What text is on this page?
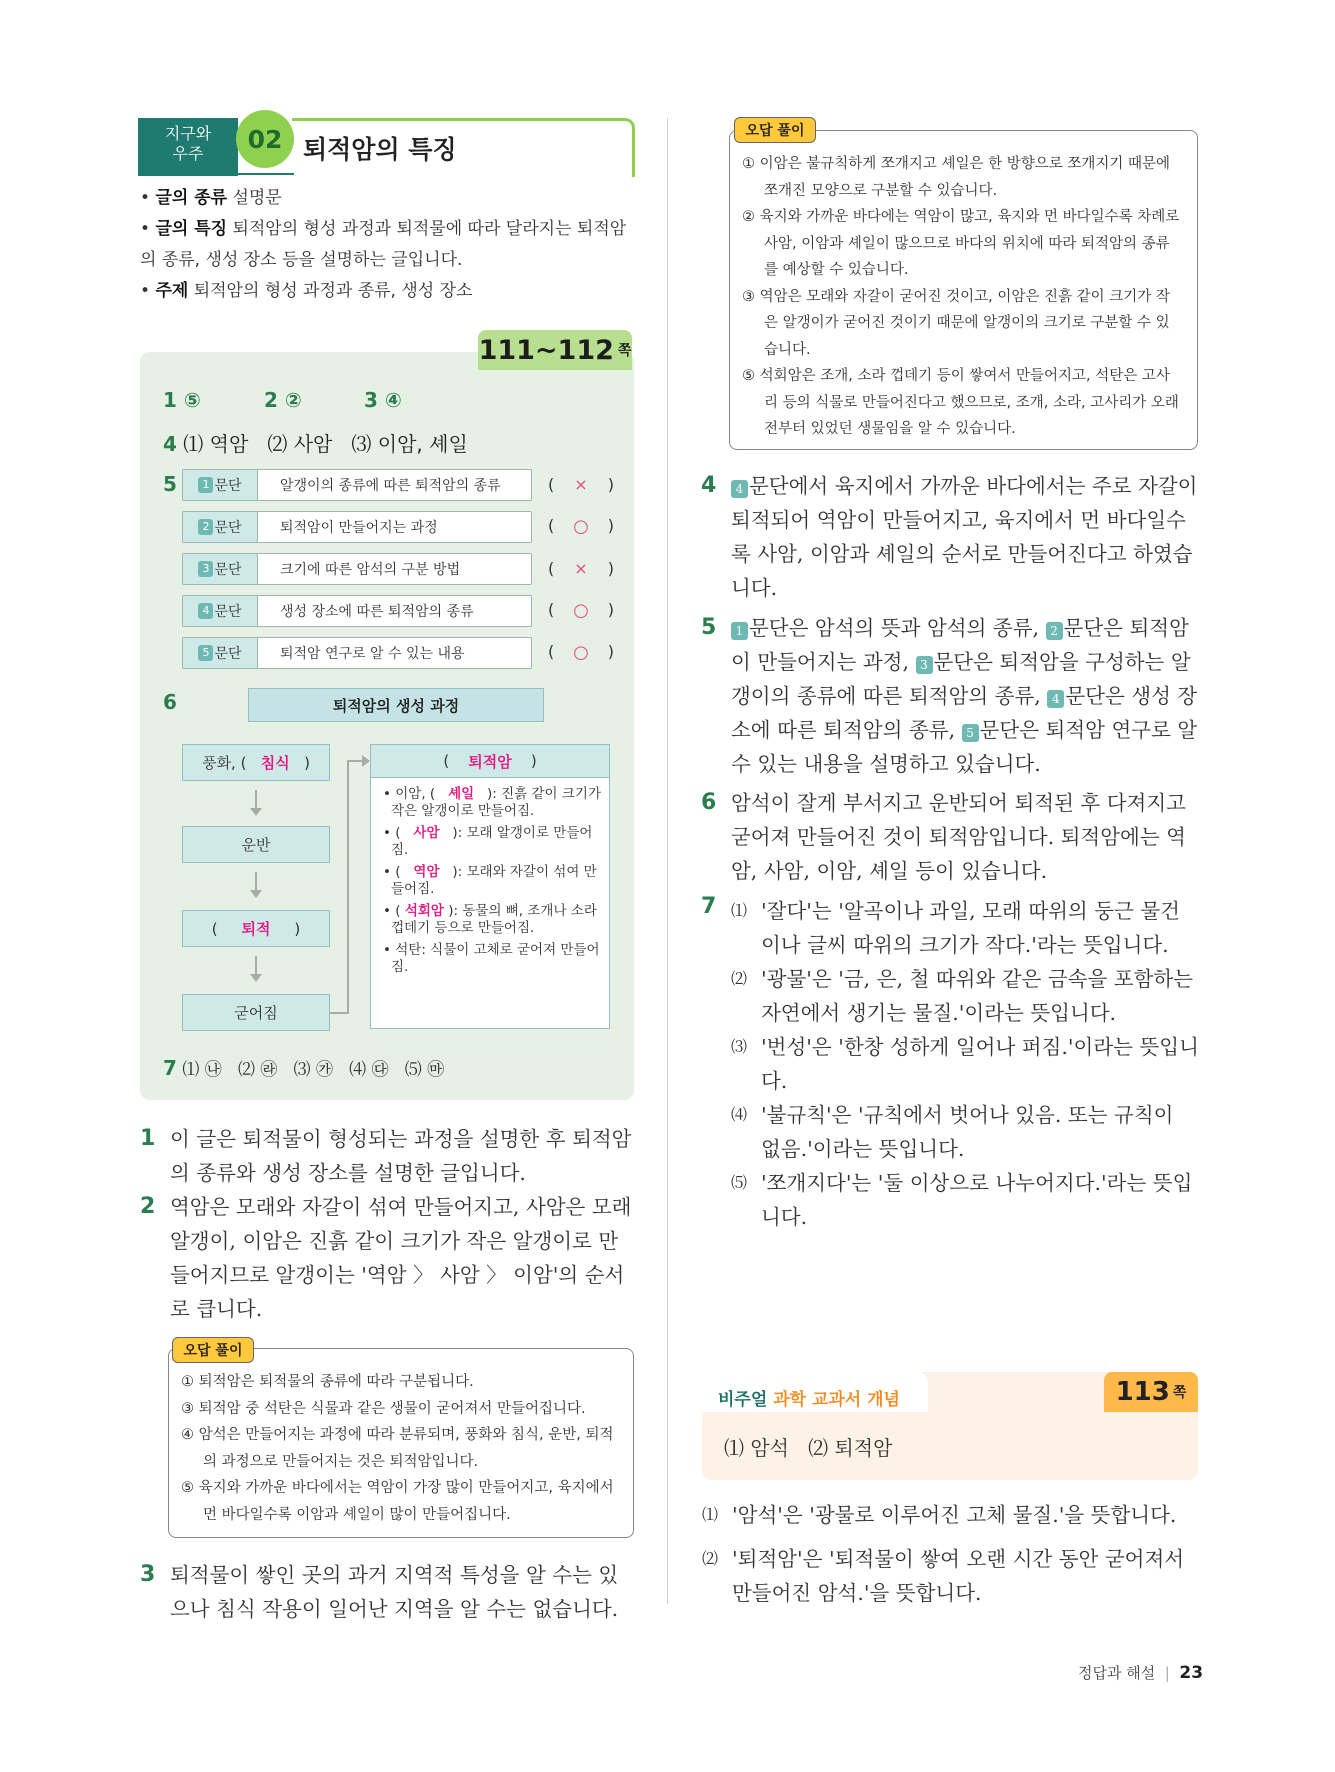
지구와
우주	02 퇴적암의 특징
• 글의 종류 설명문
• 글의 특징 퇴적암의 형성 과정과 퇴적물에 따라 달라지는 퇴적암의 종류, 생성 장소 등을 설명하는 글입니다.
• 주제 퇴적암의 형성 과정과 종류, 생성 장소
111~112 쪽
1 ⑤	2 ②	3 ④
4 ⑴ 역암   ⑵ 사암   ⑶ 이암, 셰일
5	1 문단	알갱이의 종류에 따른 퇴적암의 종류	( × )
2 문단	퇴적암이 만들어지는 과정	( ○ )
3 문단	크기에 따른 암석의 구분 방법	( × )
4 문단	생성 장소에 따른 퇴적암의 종류	( ○ )
5 문단	퇴적암 연구로 알 수 있는 내용	( ○ )
6	퇴적암의 생성 과정
풍화, (
침식
)
운반
(
퇴적
)
굳어짐
(
퇴적암
)
• 이암, ( 셰일 ): 진흙 같이 크기가 작은 알갱이로 만들어짐.
• ( 사암 ): 모래 알갱이로 만들어짐.
• ( 역암 ): 모래와 자갈이 섞여 만들어짐.
• ( 석회암 ): 동물의 뼈, 조개나 소라 껍데기 등으로 만들어짐.
• 석탄: 식물이 고체로 굳어져 만들어짐.
7 ⑴ ㉯   ⑵ ㉱   ⑶ ㉮   ⑷ ㉰   ⑸ ㉲
1 이 글은 퇴적물이 형성되는 과정을 설명한 후 퇴적암의 종류와 생성 장소를 설명한 글입니다.
2 역암은 모래와 자갈이 섞여 만들어지고, 사암은 모래 알갱이, 이암은 진흙 같이 크기가 작은 알갱이로 만들어지므로 알갱이는 '역암 〉 사암 〉 이암'의 순서로 큽니다.
① 퇴적암은 퇴적물의 종류에 따라 구분됩니다.
③ 퇴적암 중 석탄은 식물과 같은 생물이 굳어져서 만들어집니다.
④ 암석은 만들어지는 과정에 따라 분류되며, 풍화와 침식, 운반, 퇴적의 과정으로 만들어지는 것은 퇴적암입니다.
⑤ 육지와 가까운 바다에서는 역암이 가장 많이 만들어지고, 육지에서 먼 바다일수록 이암과 셰일이 많이 만들어집니다.
오답 풀이
3 퇴적물이 쌓인 곳의 과거 지역적 특성을 알 수는 있으나 침식 작용이 일어난 지역을 알 수는 없습니다.
① 이암은 불규칙하게 쪼개지고 셰일은 한 방향으로 쪼개지기 때문에 쪼개진 모양으로 구분할 수 있습니다.
② 육지와 가까운 바다에는 역암이 많고, 육지와 먼 바다일수록 차례로 사암, 이암과 셰일이 많으므로 바다의 위치에 따라 퇴적암의 종류를 예상할 수 있습니다.
③ 역암은 모래와 자갈이 굳어진 것이고, 이암은 진흙 같이 크기가 작은 알갱이가 굳어진 것이기 때문에 알갱이의 크기로 구분할 수 있습니다.
⑤ 석회암은 조개, 소라 껍데기 등이 쌓여서 만들어지고, 석탄은 고사리 등의 식물로 만들어진다고 했으므로, 조개, 소라, 고사리가 오래전부터 있었던 생물임을 알 수 있습니다.
오답 풀이
4 4 문단에서 육지에서 가까운 바다에서는 주로 자갈이 퇴적되어 역암이 만들어지고, 육지에서 먼 바다일수록 사암, 이암과 셰일의 순서로 만들어진다고 하였습니다.
5 1 문단은 암석의 뜻과 암석의 종류, 2 문단은 퇴적암이 만들어지는 과정, 3 문단은 퇴적암을 구성하는 알갱이의 종류에 따른 퇴적암의 종류, 4 문단은 생성 장소에 따른 퇴적암의 종류, 5 문단은 퇴적암 연구로 알 수 있는 내용을 설명하고 있습니다.
6 암석이 잘게 부서지고 운반되어 퇴적된 후 다져지고 굳어져 만들어진 것이 퇴적암입니다. 퇴적암에는 역암, 사암, 이암, 셰일 등이 있습니다.
7 ⑴ '잘다'는 '알곡이나 과일, 모래 따위의 둥근 물건이나 글씨 따위의 크기가 작다.'라는 뜻입니다.
⑵ '광물'은 '금, 은, 철 따위와 같은 금속을 포함하는 자연에서 생기는 물질.'이라는 뜻입니다.
⑶ '번성'은 '한창 성하게 일어나 퍼짐.'이라는 뜻입니다.
⑷ '불규칙'은 '규칙에서 벗어나 있음. 또는 규칙이 없음.'이라는 뜻입니다.
⑸ '쪼개지다'는 '둘 이상으로 나누어지다.'라는 뜻입니다.
비주얼 과학 교과서 개념	113 쪽
⑴ 암석   ⑵ 퇴적암
⑴ '암석'은 '광물로 이루어진 고체 물질.'을 뜻합니다.
⑵ '퇴적암'은 '퇴적물이 쌓여 오랜 시간 동안 굳어져서 만들어진 암석.'을 뜻합니다.
정답과 해설 | 23
